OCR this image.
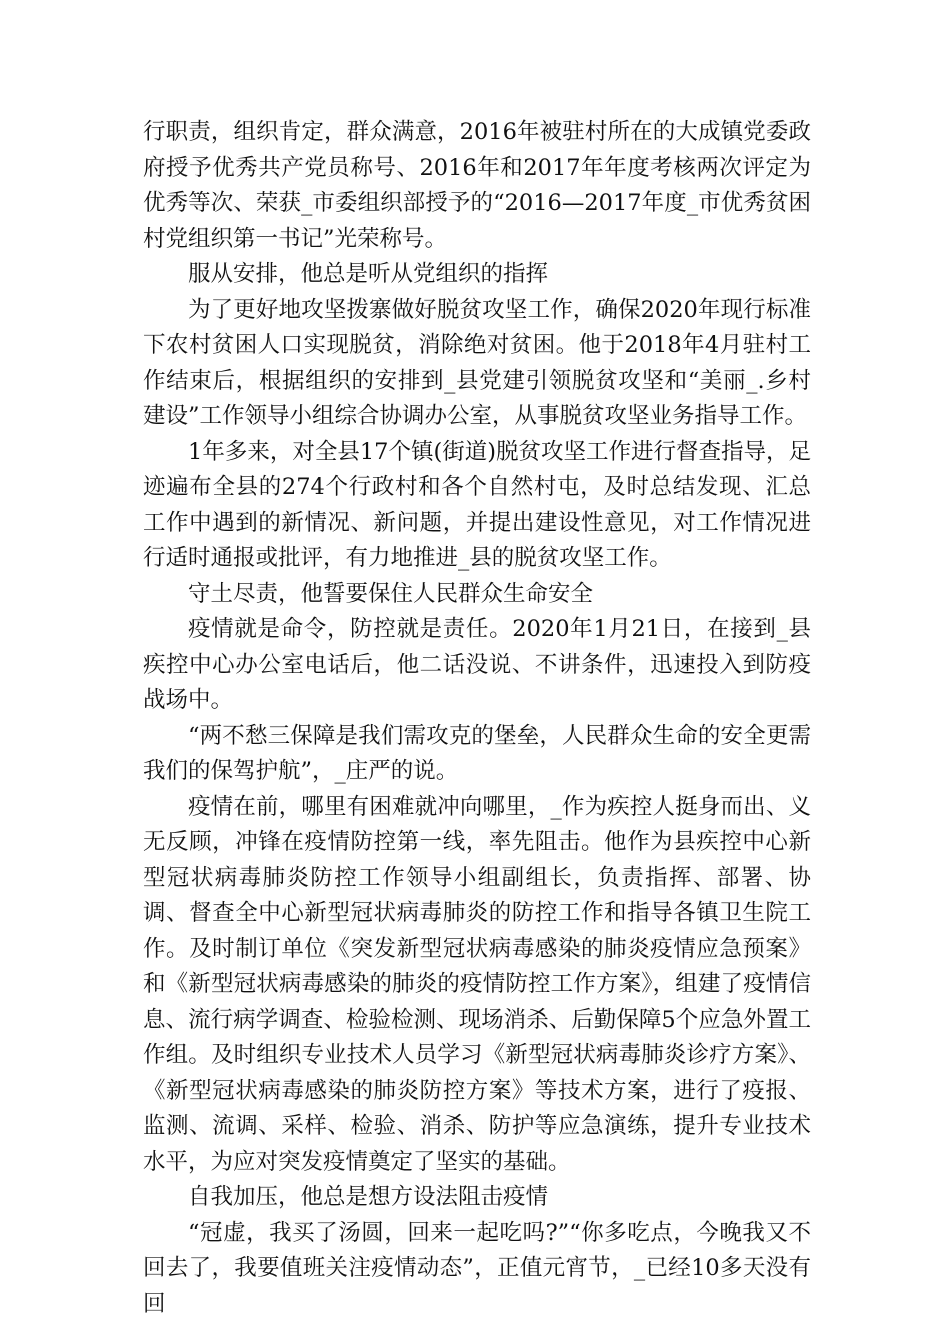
行职责，组织肯定，群众满意，2016年被驻村所在的大成镇党委政府授予优秀共产党员称号、2016年和2017年年度考核两次评定为优秀等次、荣获_市委组织部授予的“2016—2017年度_市优秀贫困村党组织第一书记”光荣称号。

服从安排，他总是听从党组织的指挥

为了更好地攻坚拨寨做好脱贫攻坚工作，确保2020年现行标准下农村贫困人口实现脱贫，消除绝对贫困。他于2018年4月驻村工作结束后，根据组织的安排到_县党建引领脱贫攻坚和“美丽_.乡村建设”工作领导小组综合协调办公室，从事脱贫攻坚业务指导工作。

1年多来，对全县17个镇(街道)脱贫攻坚工作进行督查指导，足迹遍布全县的274个行政村和各个自然村屯，及时总结发现、汇总工作中遇到的新情况、新问题，并提出建设性意见，对工作情况进行适时通报或批评，有力地推进_县的脱贫攻坚工作。

守土尽责，他誓要保住人民群众生命安全

疫情就是命令，防控就是责任。2020年1月21日，在接到_县疾控中心办公室电话后，他二话没说、不讲条件，迅速投入到防疫战场中。

“两不愁三保障是我们需攻克的堡垒，人民群众生命的安全更需我们的保驾护航”，_庄严的说。

疫情在前，哪里有困难就冲向哪里，_作为疾控人挺身而出、义无反顾，冲锋在疫情防控第一线，率先阻击。他作为县疾控中心新型冠状病毒肺炎防控工作领导小组副组长，负责指挥、部署、协调、督查全中心新型冠状病毒肺炎的防控工作和指导各镇卫生院工作。及时制订单位《突发新型冠状病毒感染的肺炎疫情应急预案》和《新型冠状病毒感染的肺炎的疫情防控工作方案》，组建了疫情信息、流行病学调查、检验检测、现场消杀、后勤保障5个应急外置工作组。及时组织专业技术人员学习《新型冠状病毒肺炎诊疗方案》、《新型冠状病毒感染的肺炎防控方案》等技术方案，进行了疫报、监测、流调、采样、检验、消杀、防护等应急演练，提升专业技术水平，为应对突发疫情奠定了坚实的基础。

自我加压，他总是想方设法阻击疫情

“冠虚，我买了汤圆，回来一起吃吗?”“你多吃点，今晚我又不回去了，我要值班关注疫情动态”，正值元宵节，_已经10多天没有回
